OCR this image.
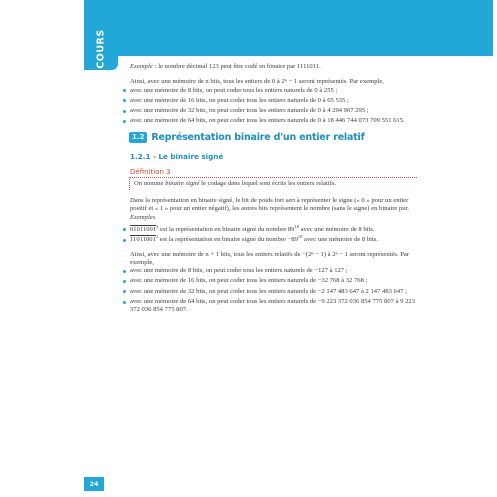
COURS	Exemple : le nombre décimal 123 peut être codé en binaire par 1111011.

Ainsi, avec une mémoire de n bits, tous les entiers de 0 à 2ⁿ − 1 seront représentés. Par exemple,

avec une mémoire de 8 bits, on peut coder tous les entiers naturels de 0 à 255 ;
avec une mémoire de 16 bits, on peut coder tous les entiers naturels de 0 à 65 535 ;
avec une mémoire de 32 bits, on peut coder tous les entiers naturels de 0 à 4 294 967 295 ;
avec une mémoire de 64 bits, on peut coder tous les entiers naturels de 0 à 18 446 744 073 709 551 615.
1.2 Représentation binaire d'un entier relatif
1.2.1 - Le binaire signé
Définition 3

On nomme binaire signé le codage dans lequel sont écrits les entiers relatifs.

Dans la représentation en binaire signé, le bit de poids fort sert à représenter le signe (« 0 » pour un entier positif et « 1 » pour un entier négatif), les autres bits représentent le nombre (sans le signe) en binaire pur.

Exemples

01011001$^2$ est la représentation en binaire signé du nombre $89^{10}$ avec une mémoire de 8 bits.
11011001$^2$ est la représentation en binaire signé du nombre $-89^{10}$ avec une mémoire de 8 bits.

Ainsi, avec une mémoire de n + 1 bits, tous les entiers relatifs de −(2ⁿ − 1) à 2ⁿ − 1 seront représentés. Par exemple,

avec une mémoire de 8 bits, on peut coder tous les entiers naturels de −127 à 127 ;
avec une mémoire de 16 bits, on peut coder tous les entiers naturels de −32 768 à 32 768 ;
avec une mémoire de 32 bits, on peut coder tous les entiers naturels de −2 147 483 647 à 2 147 483 647 ;
avec une mémoire de 64 bits, on peut coder tous les entiers naturels de −9 223 372 036 854 775 807 à 9 223 372 036 854 775 807.
24
